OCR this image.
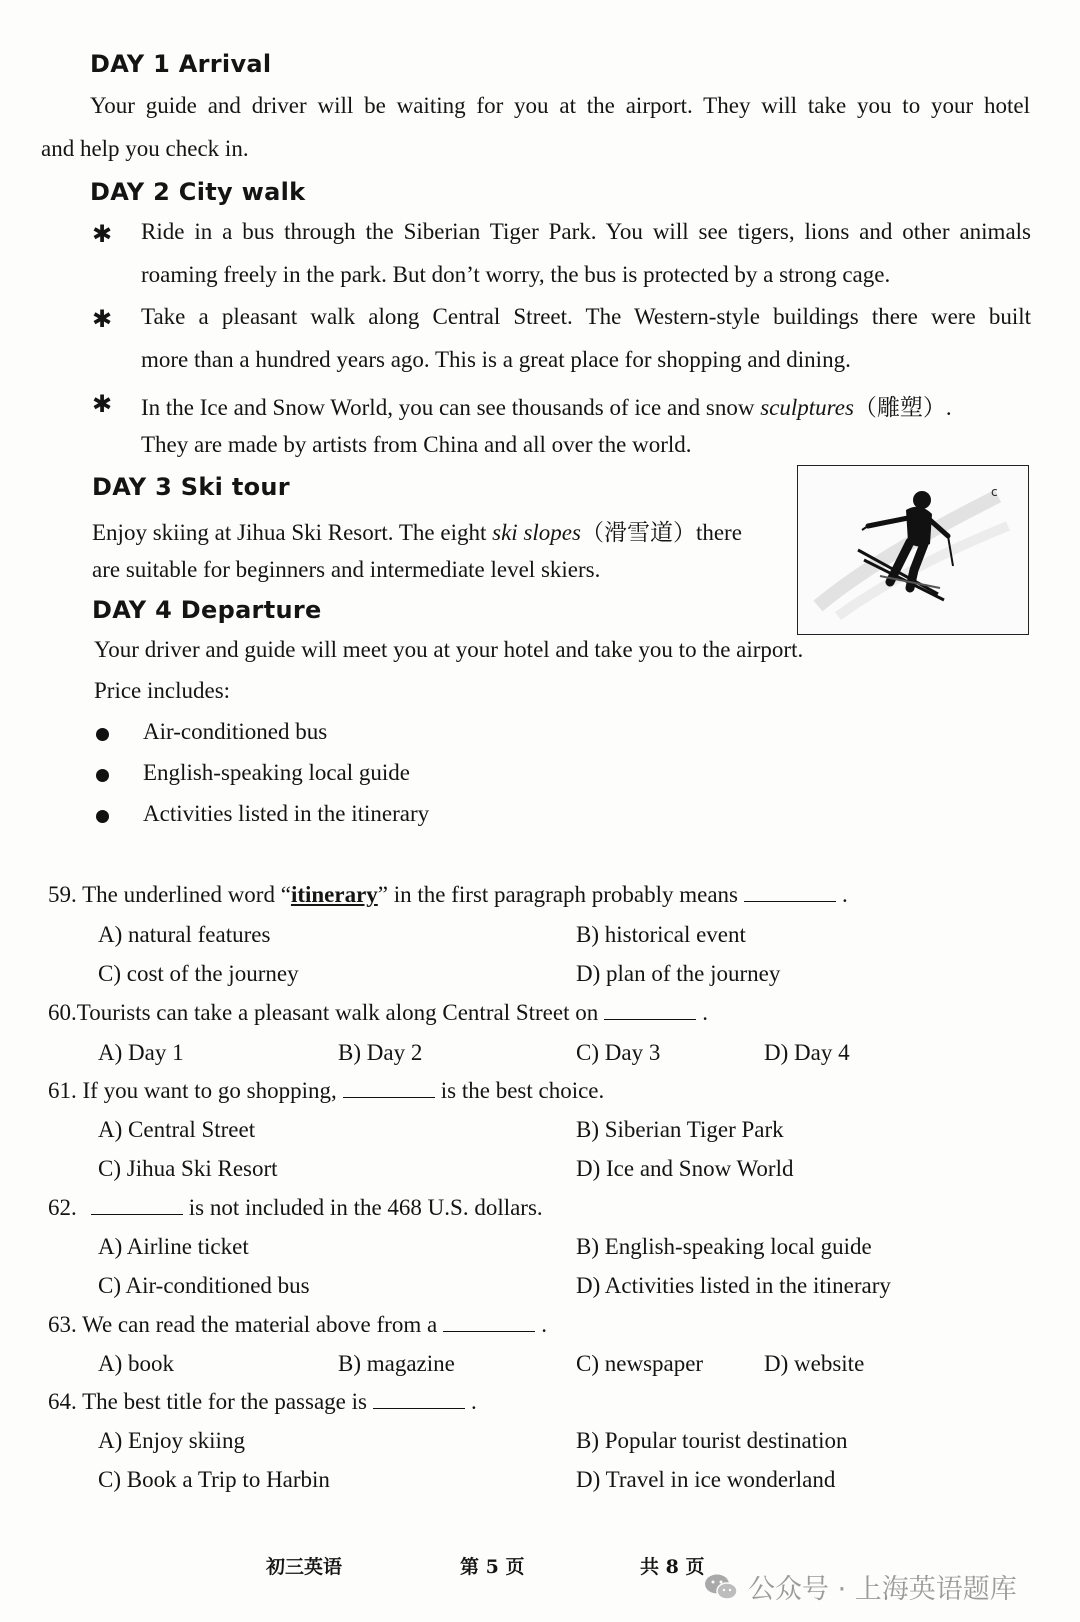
DAY 1 Arrival
Your guide and driver will be waiting for you at the airport. They will take you to your hotel
and help you check in.
DAY 2 City walk
✱ Ride in a bus through the Siberian Tiger Park. You will see tigers, lions and other animals
roaming freely in the park. But don’t worry, the bus is protected by a strong cage.
✱ Take a pleasant walk along Central Street. The Western-style buildings there were built
more than a hundred years ago. This is a great place for shopping and dining.
✱ In the Ice and Snow World, you can see thousands of ice and snow sculptures（雕塑）.
They are made by artists from China and all over the world.
DAY 3 Ski tour
Enjoy skiing at Jihua Ski Resort. The eight ski slopes（滑雪道）there
are suitable for beginners and intermediate level skiers.
c
DAY 4 Departure
Your driver and guide will meet you at your hotel and take you to the airport.
Price includes:
Air-conditioned bus
English-speaking local guide
Activities listed in the itinerary
59. The underlined word “itinerary” in the first paragraph probably means	.
A) natural features	B) historical event
C) cost of the journey	D) plan of the journey
60.Tourists can take a pleasant walk along Central Street on	.
A) Day 1	B) Day 2	C) Day 3	D) Day 4
61. If you want to go shopping,	is the best choice.
A) Central Street	B) Siberian Tiger Park
C) Jihua Ski Resort	D) Ice and Snow World
62.	is not included in the 468 U.S. dollars.
A) Airline ticket	B) English-speaking local guide
C) Air-conditioned bus	D) Activities listed in the itinerary
63. We can read the material above from a	.
A) book	B) magazine	C) newspaper	D) website
64. The best title for the passage is	.
A) Enjoy skiing	B) Popular tourist destination
C) Book a Trip to Harbin	D) Travel in ice wonderland
初三英语	第 5 页	共 8 页
公众号 · 上海英语题库
